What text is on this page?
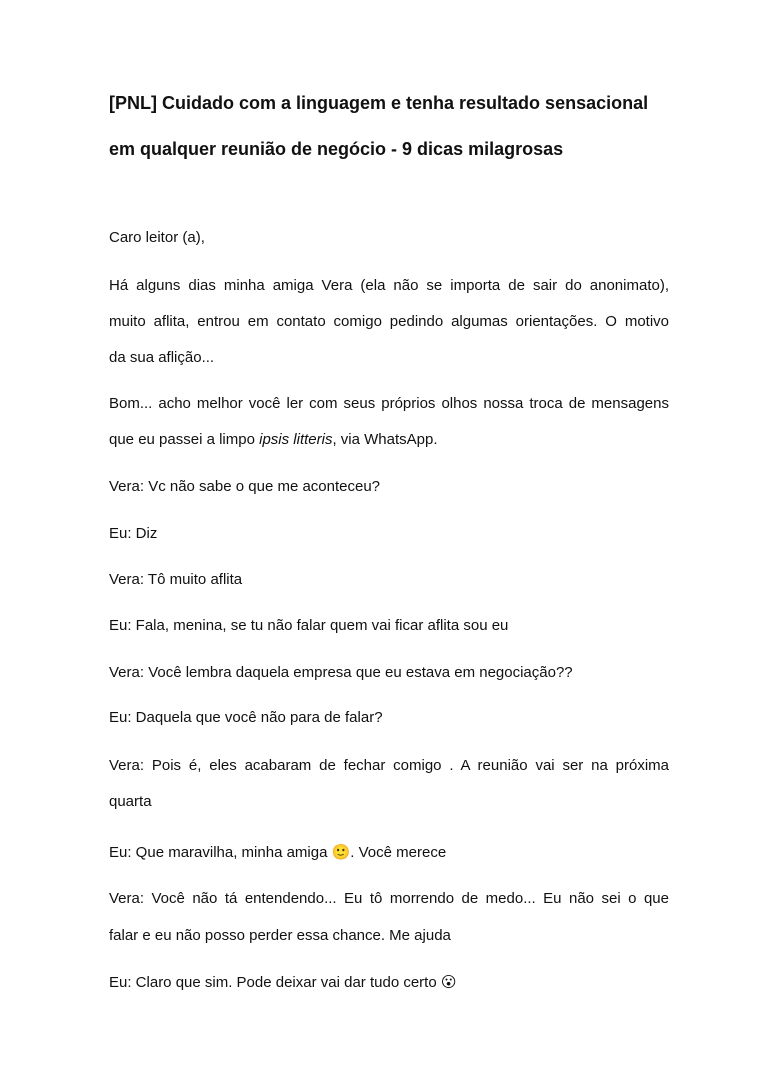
[PNL] Cuidado com a linguagem e tenha resultado sensacional
em qualquer reunião de negócio - 9 dicas milagrosas

Caro leitor (a),

Há alguns dias minha amiga Vera (ela não se importa de sair do anonimato),

muito aflita, entrou em contato comigo pedindo algumas orientações. O motivo

da sua aflição...

Bom... acho melhor você ler com seus próprios olhos nossa troca de mensagens

que eu passei a limpo ipsis litteris, via WhatsApp.

Vera: Vc não sabe o que me aconteceu?

Eu: Diz

Vera: Tô muito aflita

Eu: Fala, menina, se tu não falar quem vai ficar aflita sou eu

Vera: Você lembra daquela empresa que eu estava em negociação??

Eu: Daquela que você não para de falar?

Vera: Pois é, eles acabaram de fechar comigo . A reunião vai ser na próxima

quarta

Eu: Que maravilha, minha amiga 🙂. Você merece

Vera: Você não tá entendendo... Eu tô morrendo de medo... Eu não sei o que

falar e eu não posso perder essa chance. Me ajuda

Eu: Claro que sim. Pode deixar vai dar tudo certo 😮
